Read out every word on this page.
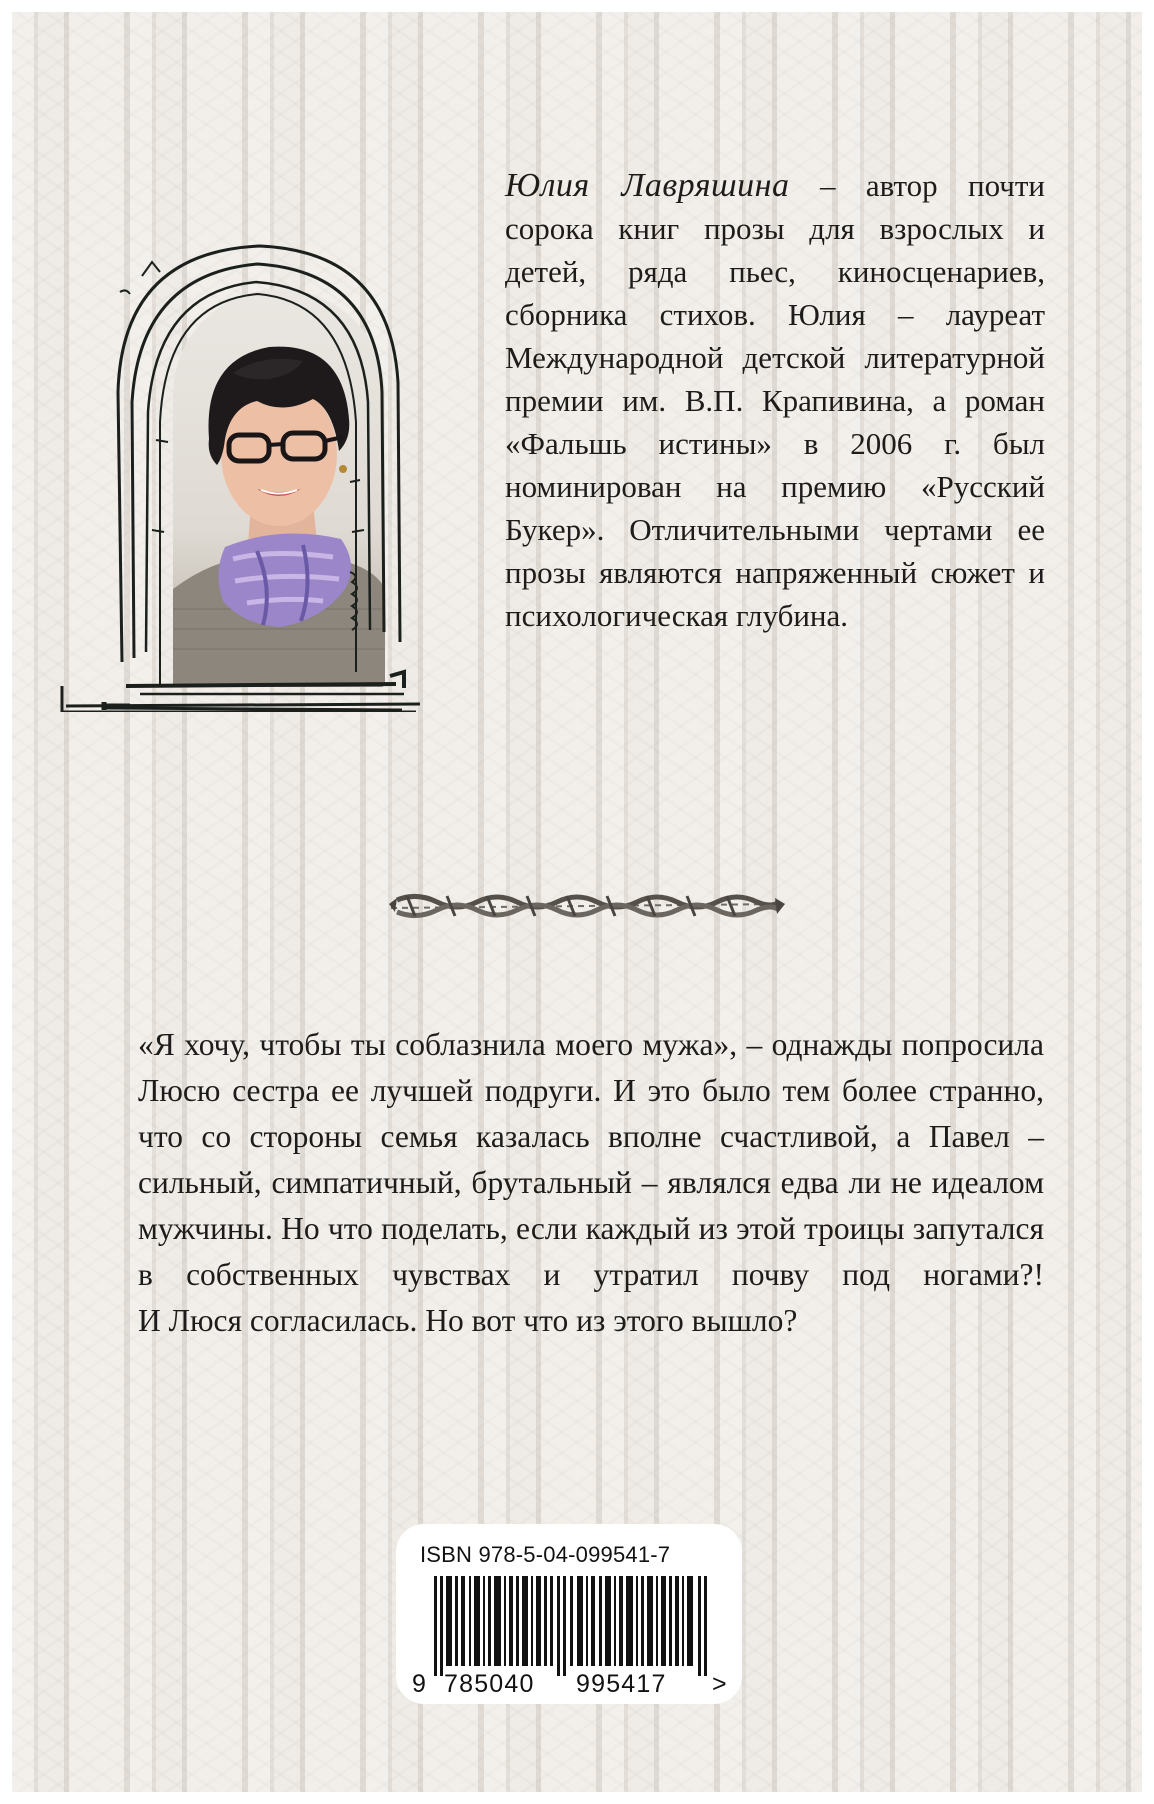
Юлия Лавряшина – автор почти сорока книг прозы для взрослых и детей, ряда пьес, киносценариев, сборника стихов. Юлия – лауреат Международной детской литературной премии им. В.П. Крапивина, а роман «Фальшь истины» в 2006 г. был номинирован на премию «Русский Букер». Отличительными чертами ее прозы являются напряженный сюжет и психологическая глубина.

«Я хочу, чтобы ты соблазнила моего мужа», – однажды попросила Люсю сестра ее лучшей подруги. И это было тем более странно, что со стороны семья казалась вполне счастливой, а Павел – сильный, симпатичный, брутальный – являлся едва ли не идеалом мужчины. Но что поделать, если каждый из этой троицы запутался в собственных чувствах и утратил почву под ногами?!

И Люся согласилась. Но вот что из этого вышло?

ISBN 978-5-04-099541-7
9 785040 995417 >
